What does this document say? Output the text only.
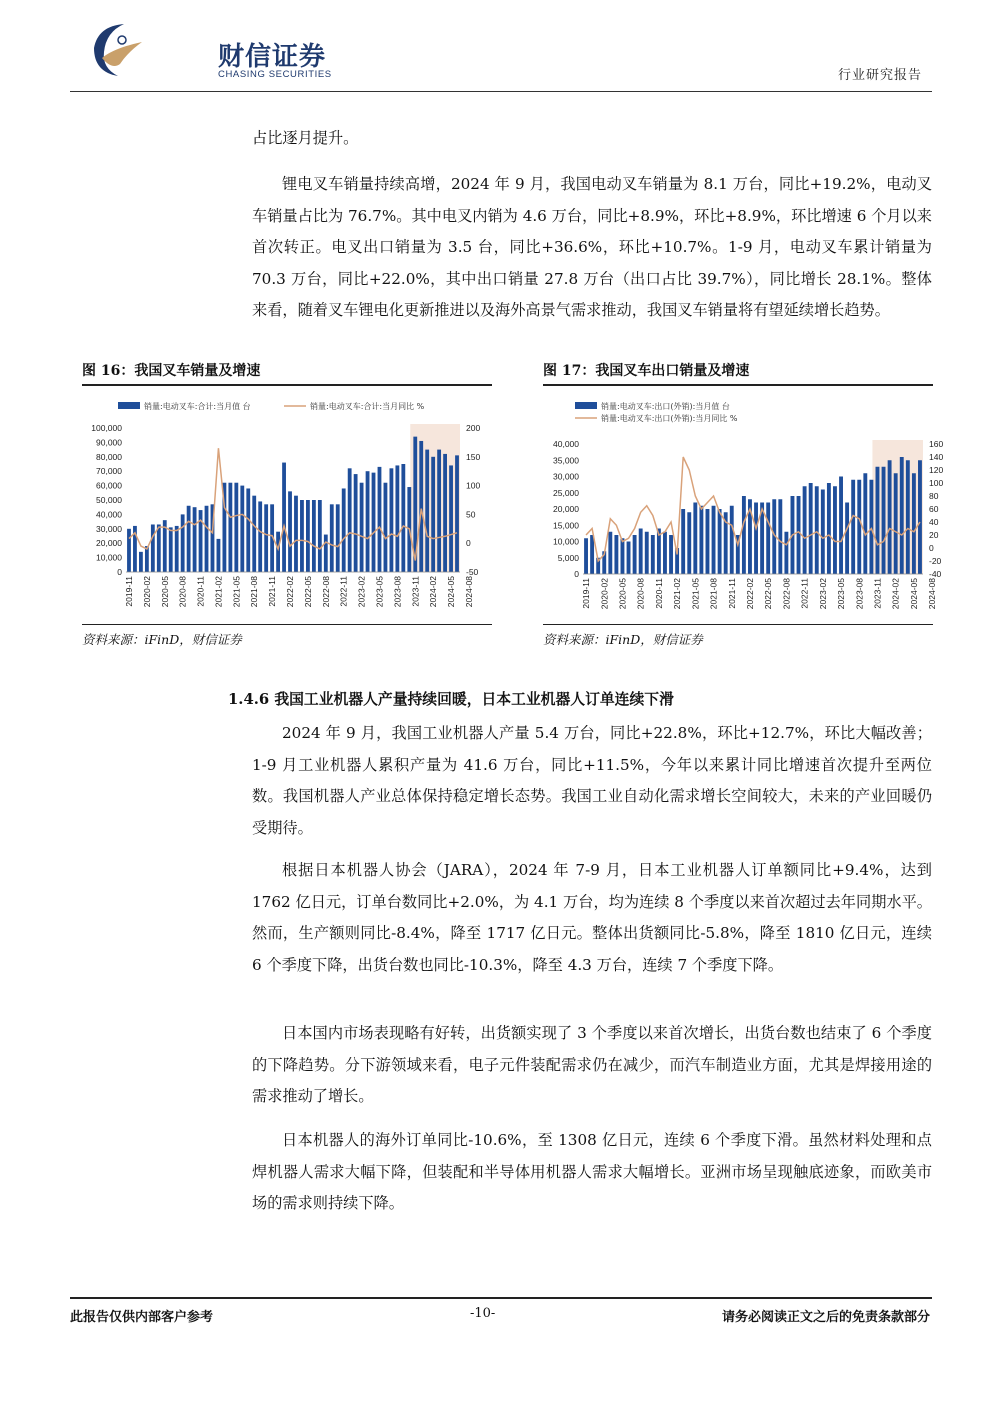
财信证券
CHASING SECURITIES	行业研究报告
占比逐月提升。
锂电叉车销量持续高增，2024 年 9 月，我国电动叉车销量为 8.1 万台，同比+19.2%，电动叉车销量占比为 76.7%。其中电叉内销为 4.6 万台，同比+8.9%，环比+8.9%，环比增速 6 个月以来首次转正。电叉出口销量为 3.5 台，同比+36.6%，环比+10.7%。1-9 月，电动叉车累计销量为 70.3 万台，同比+22.0%，其中出口销量 27.8 万台（出口占比 39.7%），同比增长 28.1%。整体来看，随着叉车锂电化更新推进以及海外高景气需求推动，我国叉车销量将有望延续增长趋势。
图 16：我国叉车销量及增速
销量:电动叉车:合计:当月值 台	销量:电动叉车:合计:当月同比 %
0
10,000
20,000
30,000
40,000
50,000
60,000
70,000
80,000
90,000
100,000
-50
0
50
100
150
200
2019-11 2020-02 2020-05 2020-08 2020-11 2021-02 2021-05 2021-08 2021-11 2022-02 2022-05 2022-08 2022-11 2023-02 2023-05 2023-08 2023-11 2024-02 2024-05 2024-08
资料来源：iFinD，财信证券
图 17：我国叉车出口销量及增速
销量:电动叉车:出口(外销):当月值 台
销量:电动叉车:出口(外销):当月同比 %
0
5,000
10,000
15,000
20,000
25,000
30,000
35,000
40,000
-40
-20
0
20
40
60
80
100
120
140
160
2019-11 2020-02 2020-05 2020-08 2020-11 2021-02 2021-05 2021-08 2021-11 2022-02 2022-05 2022-08 2022-11 2023-02 2023-05 2023-08 2023-11 2024-02 2024-05 2024-08
资料来源：iFinD，财信证券
1.4.6 我国工业机器人产量持续回暖，日本工业机器人订单连续下滑
2024 年 9 月，我国工业机器人产量 5.4 万台，同比+22.8%，环比+12.7%，环比大幅改善；1-9 月工业机器人累积产量为 41.6 万台，同比+11.5%，今年以来累计同比增速首次提升至两位数。我国机器人产业总体保持稳定增长态势。我国工业自动化需求增长空间较大，未来的产业回暖仍受期待。
根据日本机器人协会（JARA），2024 年 7-9 月，日本工业机器人订单额同比+9.4%，达到 1762 亿日元，订单台数同比+2.0%，为 4.1 万台，均为连续 8 个季度以来首次超过去年同期水平。然而，生产额则同比-8.4%，降至 1717 亿日元。整体出货额同比-5.8%，降至 1810 亿日元，连续 6 个季度下降，出货台数也同比-10.3%，降至 4.3 万台，连续 7 个季度下降。
日本国内市场表现略有好转，出货额实现了 3 个季度以来首次增长，出货台数也结束了 6 个季度的下降趋势。分下游领域来看，电子元件装配需求仍在减少，而汽车制造业方面，尤其是焊接用途的需求推动了增长。
日本机器人的海外订单同比-10.6%，至 1308 亿日元，连续 6 个季度下滑。虽然材料处理和点焊机器人需求大幅下降，但装配和半导体用机器人需求大幅增长。亚洲市场呈现触底迹象，而欧美市场的需求则持续下降。
此报告仅供内部客户参考	-10-	请务必阅读正文之后的免责条款部分
